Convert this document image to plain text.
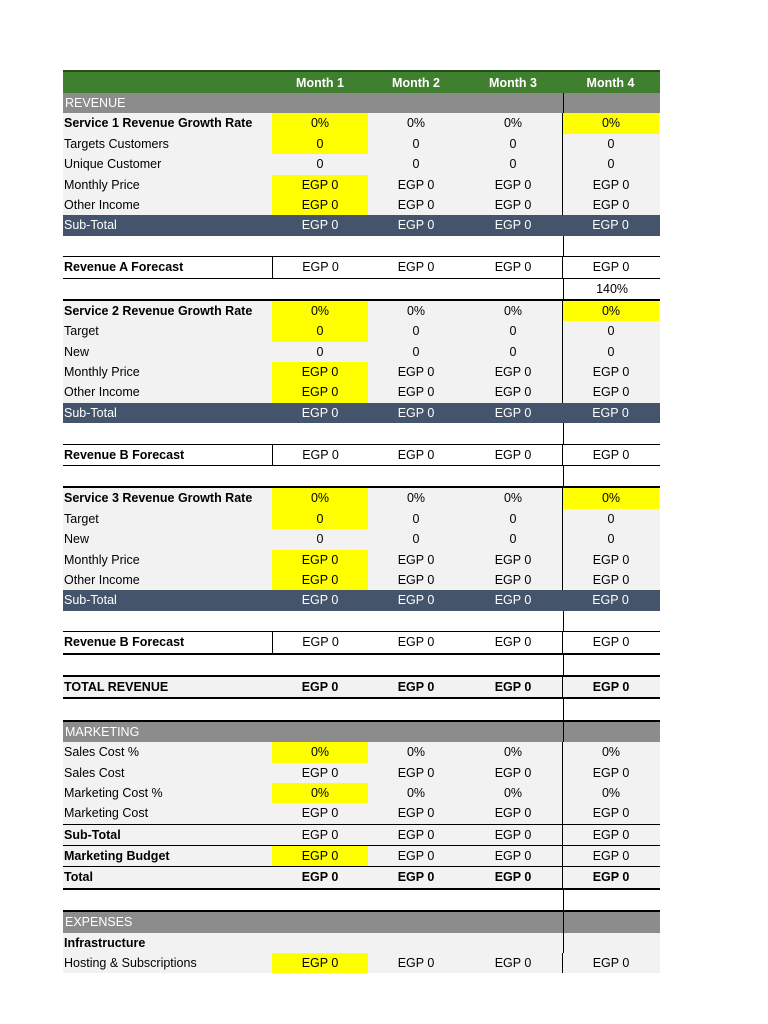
Month 1	Month 2	Month 3	Month 4
REVENUE
Service 1 Revenue Growth Rate	0%	0%	0%	0%
Targets Customers	0	0	0	0
Unique Customer	0	0	0	0
Monthly Price	EGP 0	EGP 0	EGP 0	EGP 0
Other Income	EGP 0	EGP 0	EGP 0	EGP 0
Sub-Total	EGP 0	EGP 0	EGP 0	EGP 0
Revenue A Forecast	EGP 0	EGP 0	EGP 0	EGP 0
140%
Service 2 Revenue Growth Rate	0%	0%	0%	0%
Target	0	0	0	0
New	0	0	0	0
Monthly Price	EGP 0	EGP 0	EGP 0	EGP 0
Other Income	EGP 0	EGP 0	EGP 0	EGP 0
Sub-Total	EGP 0	EGP 0	EGP 0	EGP 0
Revenue B Forecast	EGP 0	EGP 0	EGP 0	EGP 0
Service 3 Revenue Growth Rate	0%	0%	0%	0%
Target	0	0	0	0
New	0	0	0	0
Monthly Price	EGP 0	EGP 0	EGP 0	EGP 0
Other Income	EGP 0	EGP 0	EGP 0	EGP 0
Sub-Total	EGP 0	EGP 0	EGP 0	EGP 0
Revenue B Forecast	EGP 0	EGP 0	EGP 0	EGP 0
TOTAL REVENUE	EGP 0	EGP 0	EGP 0	EGP 0
MARKETING
Sales Cost %	0%	0%	0%	0%
Sales Cost	EGP 0	EGP 0	EGP 0	EGP 0
Marketing Cost %	0%	0%	0%	0%
Marketing Cost	EGP 0	EGP 0	EGP 0	EGP 0
Sub-Total	EGP 0	EGP 0	EGP 0	EGP 0
Marketing Budget	EGP 0	EGP 0	EGP 0	EGP 0
Total	EGP 0	EGP 0	EGP 0	EGP 0
EXPENSES
Infrastructure
Hosting & Subscriptions	EGP 0	EGP 0	EGP 0	EGP 0
